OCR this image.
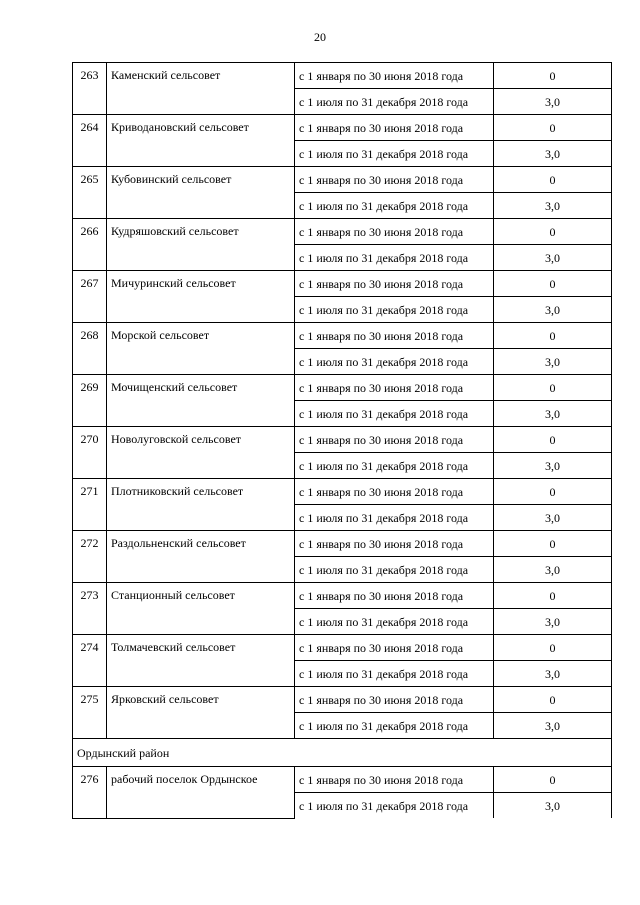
20
263	Каменский сельсовет	с 1 января по 30 июня 2018 года	0
		с 1 июля по 31 декабря 2018 года	3,0
264	Криводановский сельсовет	с 1 января по 30 июня 2018 года	0
		с 1 июля по 31 декабря 2018 года	3,0
265	Кубовинский сельсовет	с 1 января по 30 июня 2018 года	0
		с 1 июля по 31 декабря 2018 года	3,0
266	Кудряшовский сельсовет	с 1 января по 30 июня 2018 года	0
		с 1 июля по 31 декабря 2018 года	3,0
267	Мичуринский сельсовет	с 1 января по 30 июня 2018 года	0
		с 1 июля по 31 декабря 2018 года	3,0
268	Морской сельсовет	с 1 января по 30 июня 2018 года	0
		с 1 июля по 31 декабря 2018 года	3,0
269	Мочищенский сельсовет	с 1 января по 30 июня 2018 года	0
		с 1 июля по 31 декабря 2018 года	3,0
270	Новолуговской сельсовет	с 1 января по 30 июня 2018 года	0
		с 1 июля по 31 декабря 2018 года	3,0
271	Плотниковский сельсовет	с 1 января по 30 июня 2018 года	0
		с 1 июля по 31 декабря 2018 года	3,0
272	Раздольненский сельсовет	с 1 января по 30 июня 2018 года	0
		с 1 июля по 31 декабря 2018 года	3,0
273	Станционный сельсовет	с 1 января по 30 июня 2018 года	0
		с 1 июля по 31 декабря 2018 года	3,0
274	Толмачевский сельсовет	с 1 января по 30 июня 2018 года	0
		с 1 июля по 31 декабря 2018 года	3,0
275	Ярковский сельсовет	с 1 января по 30 июня 2018 года	0
		с 1 июля по 31 декабря 2018 года	3,0
Ордынский район			
276	рабочий поселок Ордынское	с 1 января по 30 июня 2018 года	0
		с 1 июля по 31 декабря 2018 года	3,0
